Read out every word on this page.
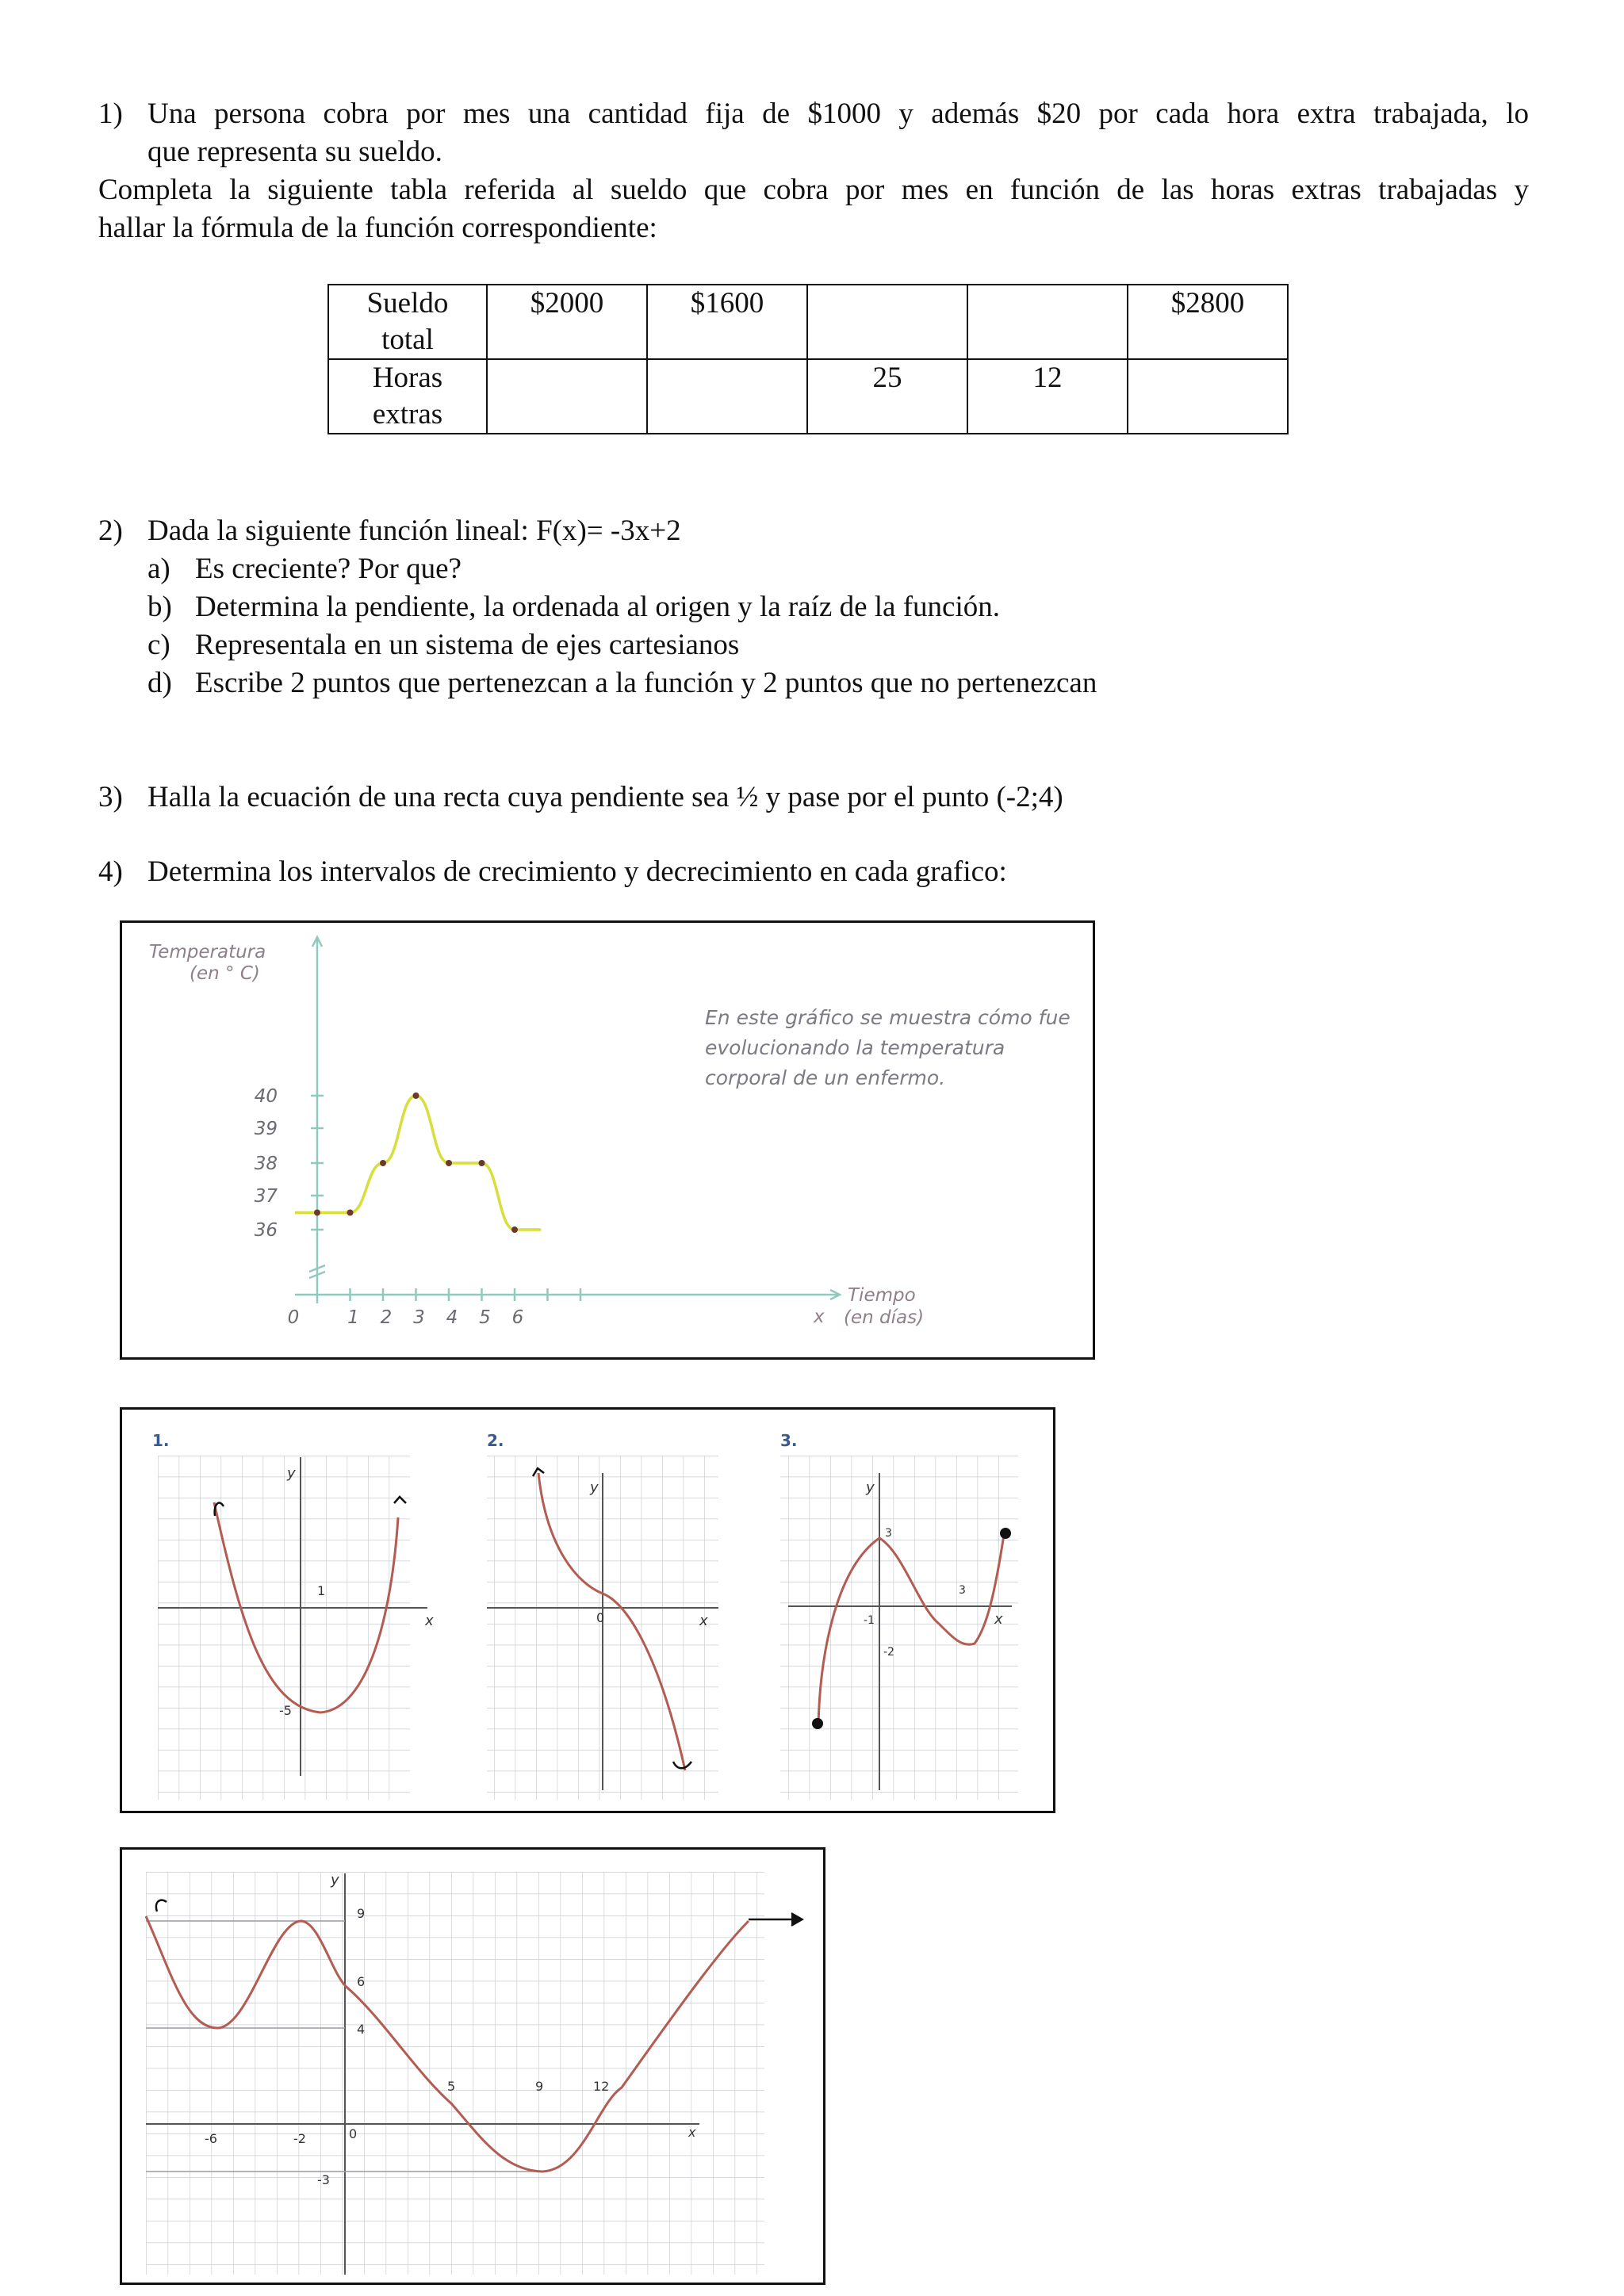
1) Una persona cobra por mes una cantidad fija de $1000 y además $20 por cada hora extra trabajada, lo
que representa su sueldo.
Completa la siguiente tabla referida al sueldo que cobra por mes en función de las horas extras trabajadas y
hallar la fórmula de la función correspondiente:
Sueldo
total	$2000	$1600			$2800

Horas
extras			25	12	
2) Dada la siguiente función lineal: F(x)= -3x+2
a) Es creciente? Por que?
b) Determina la pendiente, la ordenada al origen y la raíz de la función.
c) Representala en un sistema de ejes cartesianos
d) Escribe 2 puntos que pertenezcan a la función y 2 puntos que no pertenezcan
3) Halla la ecuación de una recta cuya pendiente sea ½ y pase por el punto (-2;4)
4) Determina los intervalos de crecimiento y decrecimiento en cada grafico:
Temperatura
(en ° C)
Tiempo
(en días)
x
En este gráfico se muestra cómo fue
evolucionando la temperatura
corporal de un enfermo.
36
37
38
39
40
0	1 2 3 4 5 6
1.	2.	3.
y
x
1
-5
y
x
0
y
x
3
-1
-2
3
y
x
9
6
4
-3
-6	-2
5	9	12
0
